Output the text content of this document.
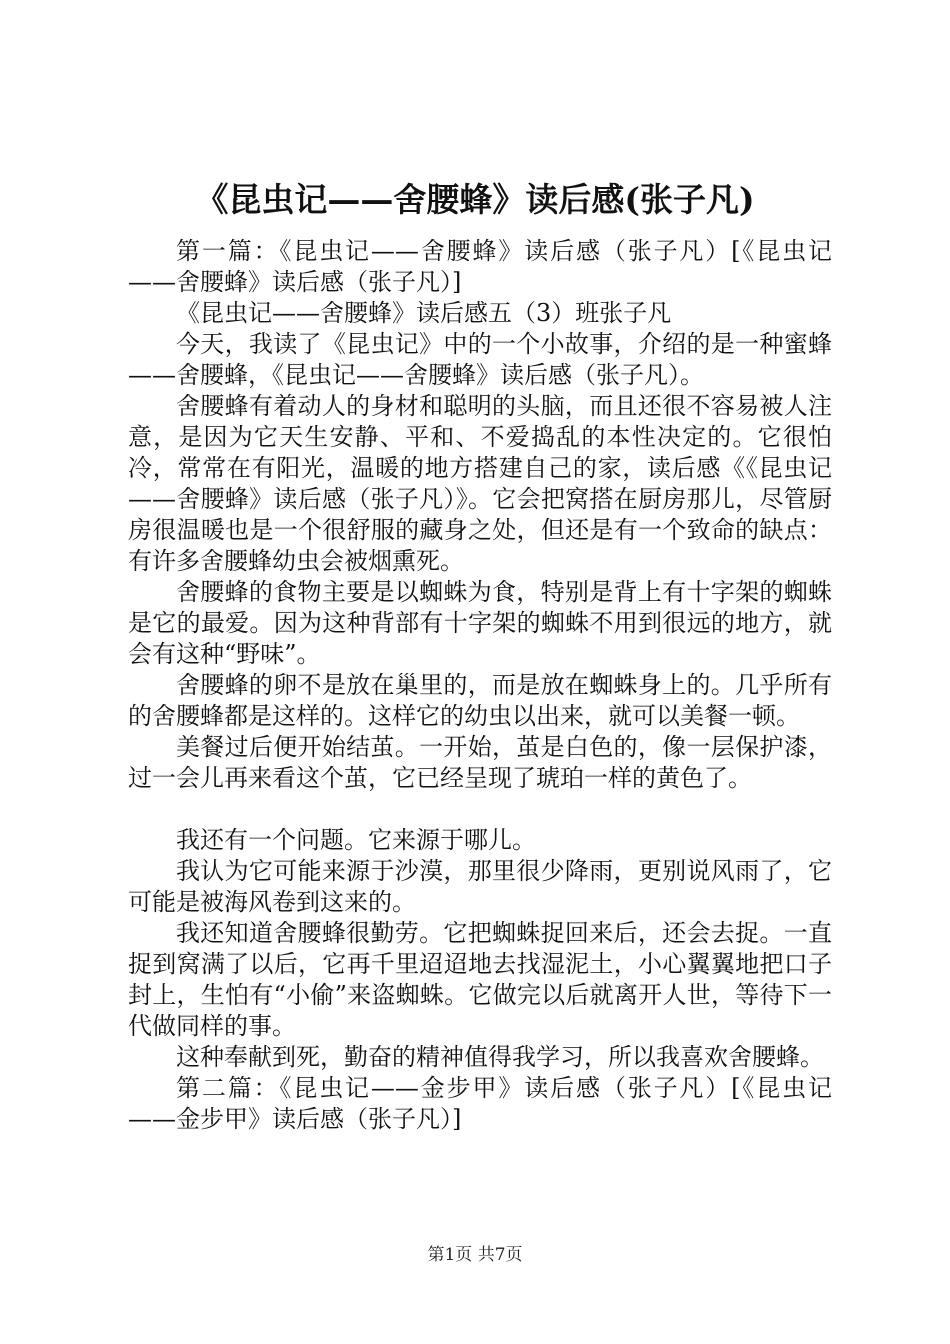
《昆虫记——舍腰蜂》读后感(张子凡)

第一篇：《昆虫记——舍腰蜂》读后感（张子凡）[《昆虫记——舍腰蜂》读后感（张子凡）]

《昆虫记——舍腰蜂》读后感五（3）班张子凡

今天，我读了《昆虫记》中的一个小故事，介绍的是一种蜜蜂——舍腰蜂，《昆虫记——舍腰蜂》读后感（张子凡）。

舍腰蜂有着动人的身材和聪明的头脑，而且还很不容易被人注意，是因为它天生安静、平和、不爱捣乱的本性决定的。它很怕冷，常常在有阳光，温暖的地方搭建自己的家，读后感《《昆虫记——舍腰蜂》读后感（张子凡）》。它会把窝搭在厨房那儿，尽管厨房很温暖也是一个很舒服的藏身之处，但还是有一个致命的缺点：有许多舍腰蜂幼虫会被烟熏死。

舍腰蜂的食物主要是以蜘蛛为食，特别是背上有十字架的蜘蛛是它的最爱。因为这种背部有十字架的蜘蛛不用到很远的地方，就会有这种“野味”。

舍腰蜂的卵不是放在巢里的，而是放在蜘蛛身上的。几乎所有的舍腰蜂都是这样的。这样它的幼虫以出来，就可以美餐一顿。

美餐过后便开始结茧。一开始，茧是白色的，像一层保护漆，过一会儿再来看这个茧，它已经呈现了琥珀一样的黄色了。

我还有一个问题。它来源于哪儿。

我认为它可能来源于沙漠，那里很少降雨，更别说风雨了，它可能是被海风卷到这来的。

我还知道舍腰蜂很勤劳。它把蜘蛛捉回来后，还会去捉。一直捉到窝满了以后，它再千里迢迢地去找湿泥土，小心翼翼地把口子封上，生怕有“小偷”来盗蜘蛛。它做完以后就离开人世，等待下一代做同样的事。

这种奉献到死，勤奋的精神值得我学习，所以我喜欢舍腰蜂。

第二篇：《昆虫记——金步甲》读后感（张子凡）[《昆虫记——金步甲》读后感（张子凡）]

第1页 共7页
